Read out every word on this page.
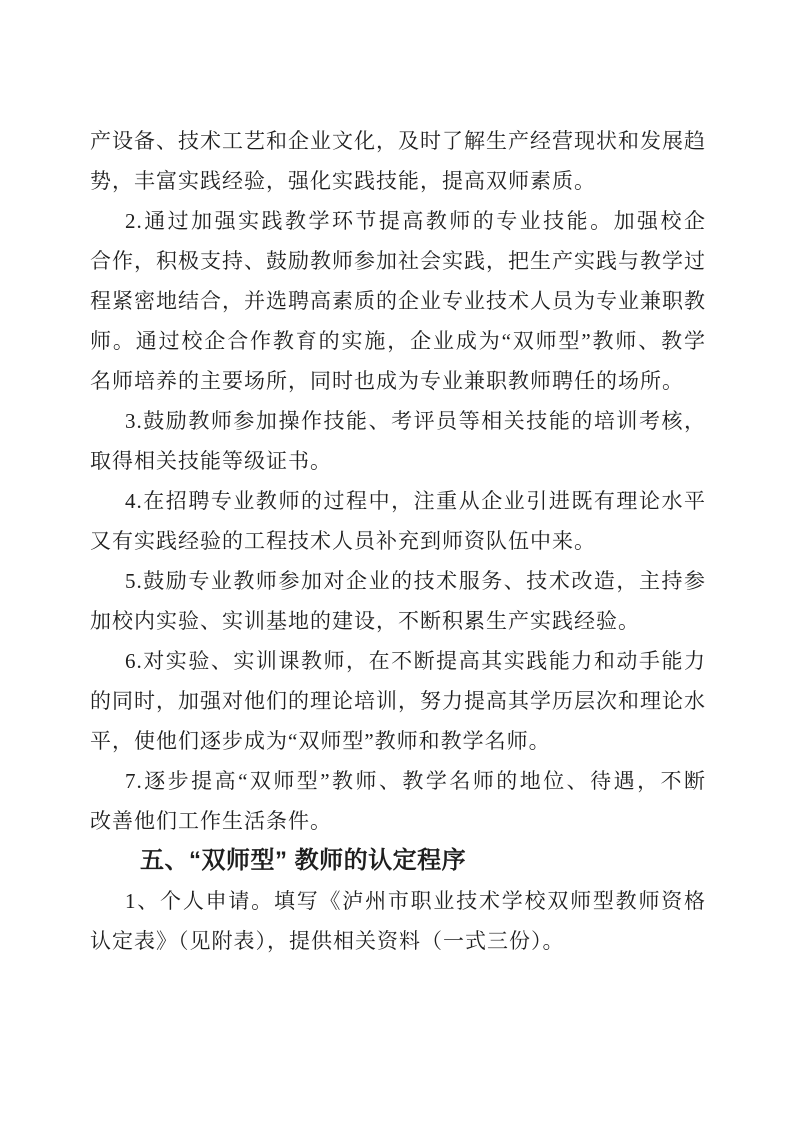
产设备、技术工艺和企业文化，及时了解生产经营现状和发展趋
势，丰富实践经验，强化实践技能，提高双师素质。
2.通过加强实践教学环节提高教师的专业技能。加强校企
合作，积极支持、鼓励教师参加社会实践，把生产实践与教学过
程紧密地结合，并选聘高素质的企业专业技术人员为专业兼职教
师。通过校企合作教育的实施，企业成为“双师型”教师、教学
名师培养的主要场所，同时也成为专业兼职教师聘任的场所。
3.鼓励教师参加操作技能、考评员等相关技能的培训考核，
取得相关技能等级证书。
4.在招聘专业教师的过程中，注重从企业引进既有理论水平
又有实践经验的工程技术人员补充到师资队伍中来。
5.鼓励专业教师参加对企业的技术服务、技术改造，主持参
加校内实验、实训基地的建设，不断积累生产实践经验。
6.对实验、实训课教师，在不断提高其实践能力和动手能力
的同时，加强对他们的理论培训，努力提高其学历层次和理论水
平，使他们逐步成为“双师型”教师和教学名师。
7.逐步提高“双师型”教师、教学名师的地位、待遇，不断
改善他们工作生活条件。
五、“双师型” 教师的认定程序
1、个人申请。填写《泸州市职业技术学校双师型教师资格
认定表》（见附表），提供相关资料（一式三份）。
